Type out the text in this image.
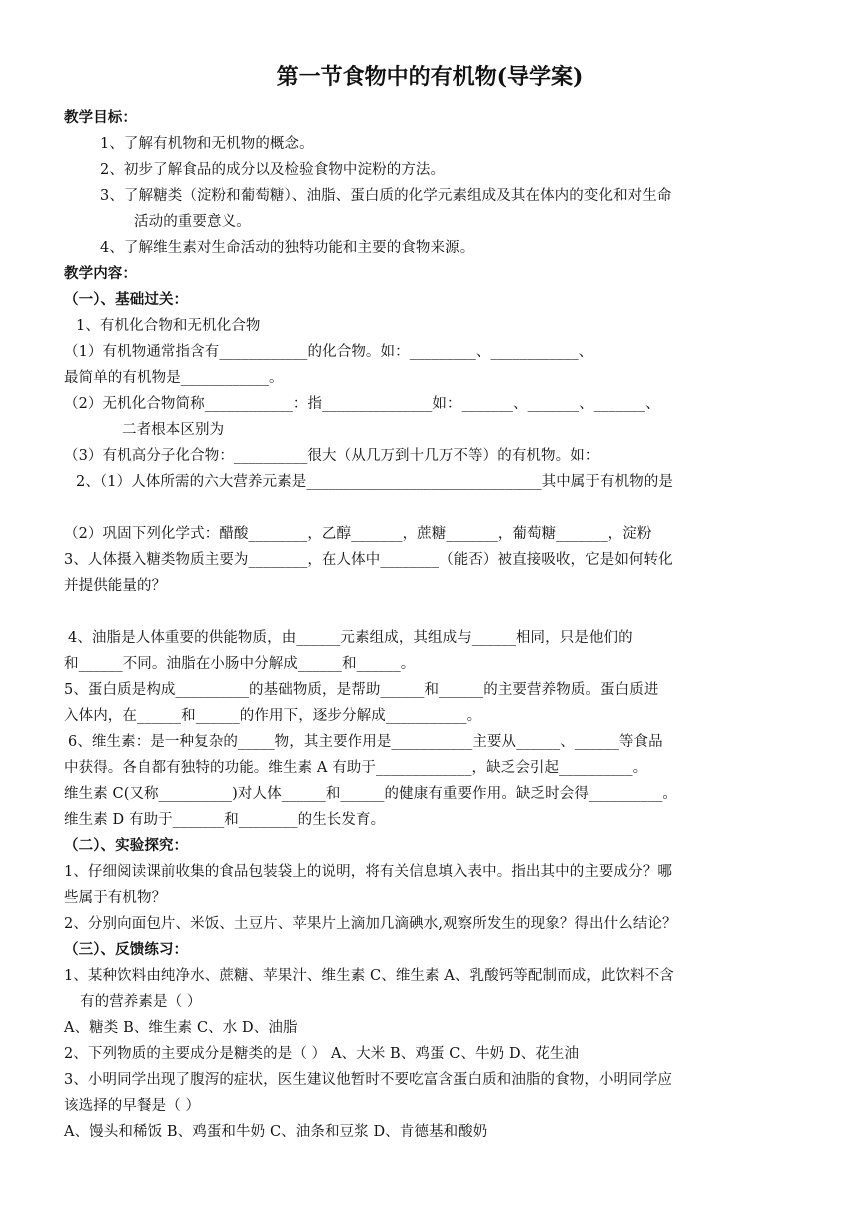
第一节食物中的有机物(导学案)
教学目标：
1、了解有机物和无机物的概念。
2、初步了解食品的成分以及检验食物中淀粉的方法。
3、了解糖类（淀粉和葡萄糖）、油脂、蛋白质的化学元素组成及其在体内的变化和对生命
活动的重要意义。
4、了解维生素对生命活动的独特功能和主要的食物来源。
教学内容：
（一）、基础过关：
1、有机化合物和无机化合物
（1）有机物通常指含有____________的化合物。如：_________、____________、
最简单的有机物是____________。
（2）无机化合物简称____________：指_______________如：_______、_______、_______、
二者根本区别为
（3）有机高分子化合物：__________很大（从几万到十几万不等）的有机物。如：
2、（1）人体所需的六大营养元素是________________________________其中属于有机物的是
（2）巩固下列化学式：醋酸________，乙醇_______，蔗糖_______，葡萄糖_______，淀粉
3、人体摄入糖类物质主要为________，在人体中________（能否）被直接吸收，它是如何转化
并提供能量的？
4、油脂是人体重要的供能物质，由______元素组成，其组成与______相同，只是他们的
和______不同。油脂在小肠中分解成______和______。
5、蛋白质是构成__________的基础物质，是帮助______和______的主要营养物质。蛋白质进
入体内，在______和______的作用下，逐步分解成___________。
6、维生素：是一种复杂的_____物，其主要作用是___________主要从______、______等食品
中获得。各自都有独特的功能。维生素 A 有助于_____________，缺乏会引起__________。
维生素 C(又称__________)对人体______和______的健康有重要作用。缺乏时会得__________。
维生素 D 有助于_______和________的生长发育。
（二）、实验探究：
1、仔细阅读课前收集的食品包装袋上的说明，将有关信息填入表中。指出其中的主要成分？哪
些属于有机物？
2、分别向面包片、米饭、土豆片、苹果片上滴加几滴碘水,观察所发生的现象？得出什么结论？
（三）、反馈练习：
1、某种饮料由纯净水、蔗糖、苹果汁、维生素 C、维生素 A、乳酸钙等配制而成，此饮料不含
有的营养素是（ ）
A、糖类 B、维生素 C、水 D、油脂
2、下列物质的主要成分是糖类的是（ ） A、大米 B、鸡蛋 C、牛奶 D、花生油
3、小明同学出现了腹泻的症状，医生建议他暂时不要吃富含蛋白质和油脂的食物，小明同学应
该选择的早餐是（ ）
A、馒头和稀饭 B、鸡蛋和牛奶 C、油条和豆浆 D、肯德基和酸奶
